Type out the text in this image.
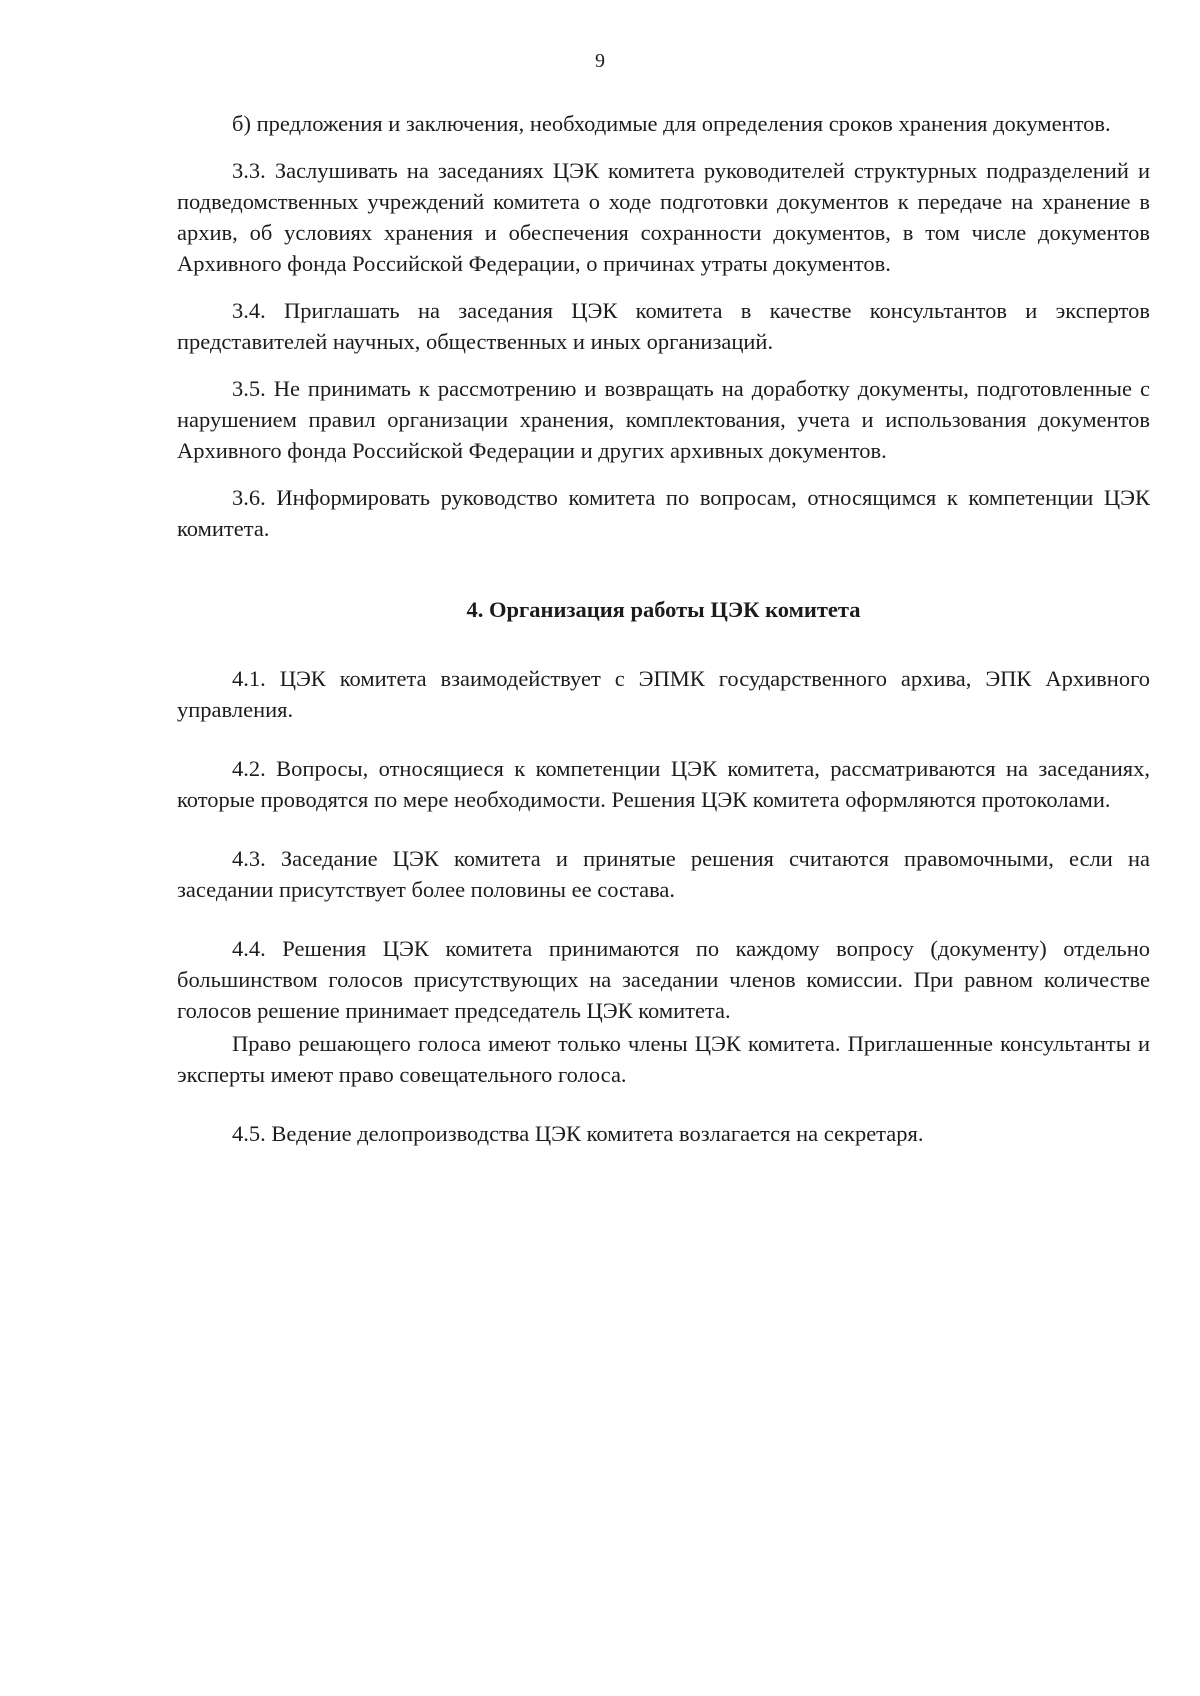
9

б) предложения и заключения, необходимые для определения сроков хранения документов.

3.3. Заслушивать на заседаниях ЦЭК комитета руководителей структурных подразделений и подведомственных учреждений комитета о ходе подготовки документов к передаче на хранение в архив, об условиях хранения и обеспечения сохранности документов, в том числе документов Архивного фонда Российской Федерации, о причинах утраты документов.

3.4. Приглашать на заседания ЦЭК комитета в качестве консультантов и экспертов представителей научных, общественных и иных организаций.

3.5. Не принимать к рассмотрению и возвращать на доработку документы, подготовленные с нарушением правил организации хранения, комплектования, учета и использования документов Архивного фонда Российской Федерации и других архивных документов.

3.6. Информировать руководство комитета по вопросам, относящимся к компетенции ЦЭК комитета.

4. Организация работы ЦЭК комитета

4.1. ЦЭК комитета взаимодействует с ЭПМК государственного архива, ЭПК Архивного управления.

4.2. Вопросы, относящиеся к компетенции ЦЭК комитета, рассматриваются на заседаниях, которые проводятся по мере необходимости. Решения ЦЭК комитета оформляются протоколами.

4.3. Заседание ЦЭК комитета и принятые решения считаются правомочными, если на заседании присутствует более половины ее состава.

4.4. Решения ЦЭК комитета принимаются по каждому вопросу (документу) отдельно большинством голосов присутствующих на заседании членов комиссии. При равном количестве голосов решение принимает председатель ЦЭК комитета.

Право решающего голоса имеют только члены ЦЭК комитета. Приглашенные консультанты и эксперты имеют право совещательного голоса.

4.5. Ведение делопроизводства ЦЭК комитета возлагается на секретаря.
